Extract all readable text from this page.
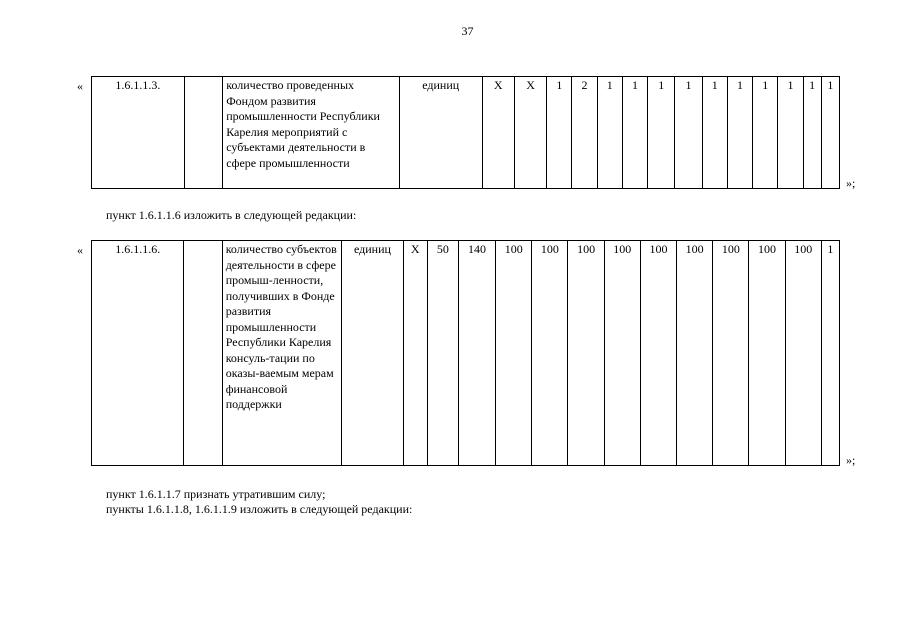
37
«	1.6.1.1.3.		количество проведенных Фондом развития промышленности Республики Карелия мероприятий с субъектами деятельности в сфере промышленности	единиц	X	X	1	2	1	1	1	1	1	1	1	1	1	1
»;
пункт 1.6.1.1.6 изложить в следующей редакции:
«	1.6.1.1.6.		количество субъектов деятельности в сфере промыш-ленности, получивших в Фонде развития промышленности Республики Карелия консуль-тации по оказы-ваемым мерам финансовой поддержки	единиц	X	50	140	100	100	100	100	100	100	100	100	100	1
»;
пункт 1.6.1.1.7 признать утратившим силу;
пункты 1.6.1.1.8, 1.6.1.1.9 изложить в следующей редакции:
